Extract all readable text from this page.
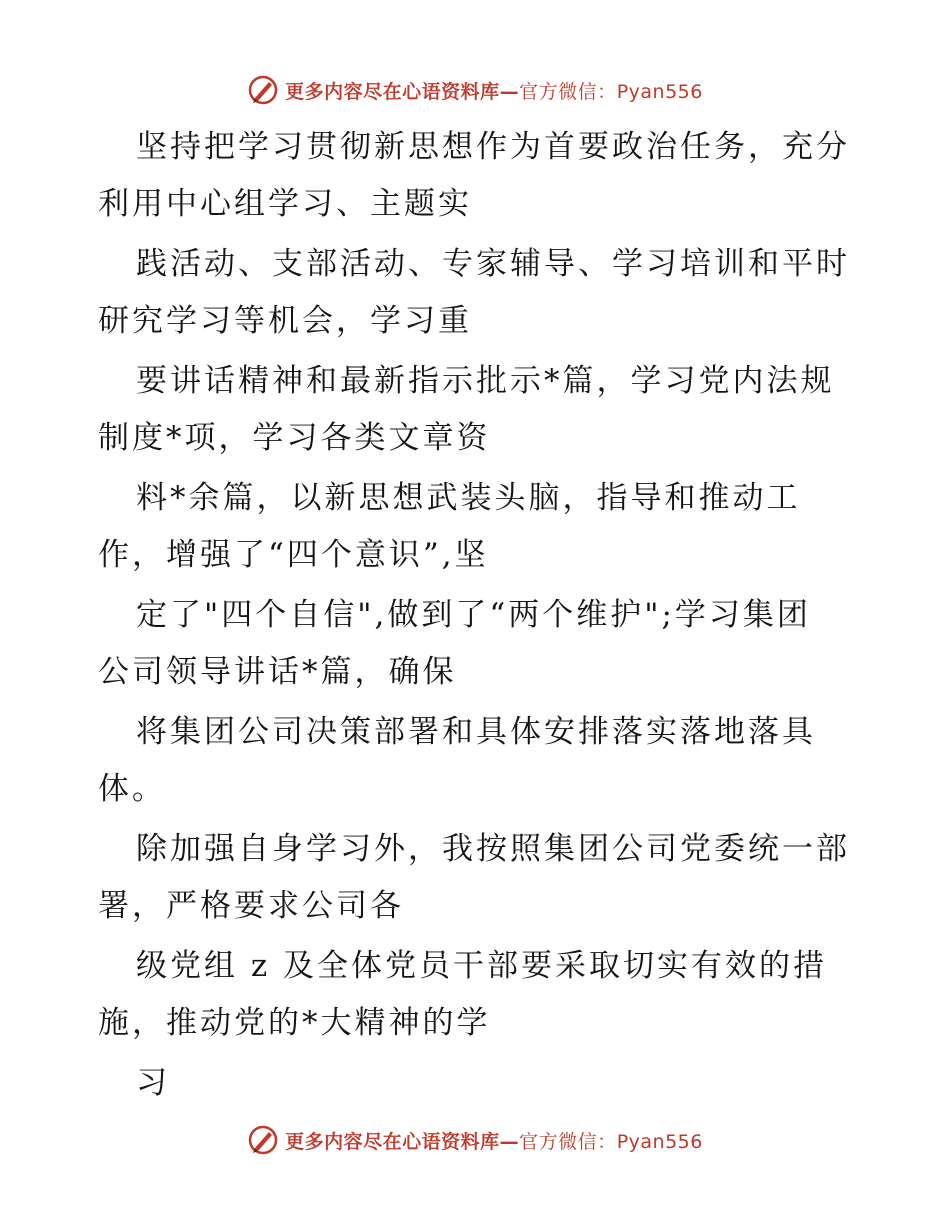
更多内容尽在心语资料库—官方微信：Pyan556
坚持把学习贯彻新思想作为首要政治任务，充分
利用中心组学习、主题实
践活动、支部活动、专家辅导、学习培训和平时
研究学习等机会，学习重
要讲话精神和最新指示批示*篇，学习党内法规
制度*项，学习各类文章资
料*余篇，以新思想武装头脑，指导和推动工
作，增强了“四个意识”,坚
定了"四个自信",做到了“两个维护";学习集团
公司领导讲话*篇，确保
将集团公司决策部署和具体安排落实落地落具
体。
除加强自身学习外，我按照集团公司党委统一部
署，严格要求公司各
级党组 z 及全体党员干部要采取切实有效的措
施，推动党的*大精神的学
习
更多内容尽在心语资料库—官方微信：Pyan556
